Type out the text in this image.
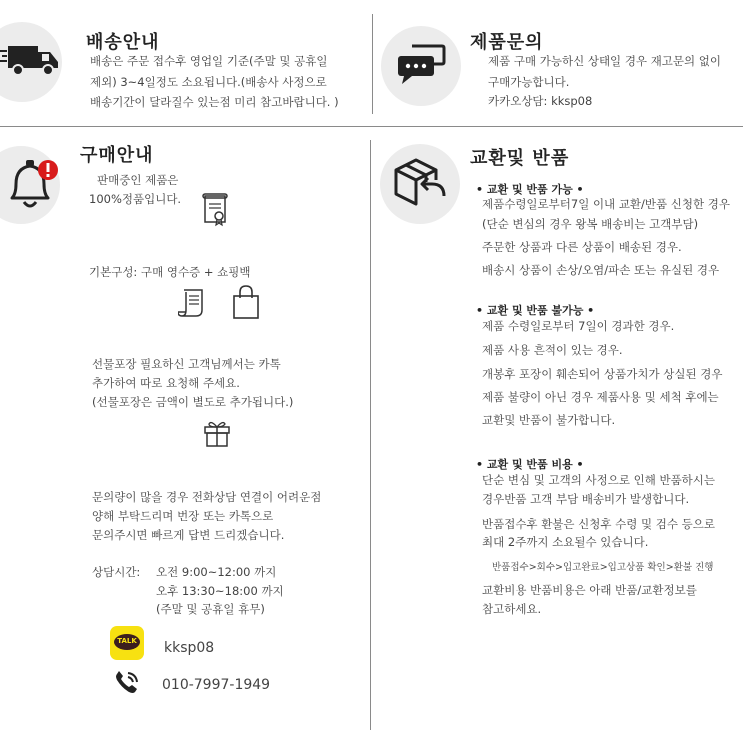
배송안내
배송은 주문 접수후 영업일 기준(주말 및 공휴일
제외) 3~4일정도 소요됩니다.(배송사 사정으로
배송기간이 달라질수 있는점 미리 참고바랍니다. )
제품문의
제품 구매 가능하신 상태일 경우 재고문의 없이
구매가능합니다.
카카오상담: kksp08
구매안내
판매중인 제품은
100%정품입니다.
기본구성: 구매 영수증 + 쇼핑백
선물포장 필요하신 고객님께서는 카톡
추가하여 따로 요청해 주세요.
(선물포장은 금액이 별도로 추가됩니다.)
문의량이 많을 경우 전화상담 연결이 어려운점
양해 부탁드리며 번장 또는 카톡으로
문의주시면 빠르게 답변 드리겠습니다.
상담시간: 오전 9:00~12:00 까지
오후 13:30~18:00 까지
(주말 및 공휴일 휴무)
TALK	kksp08
010-7997-1949
교환및 반품
• 교환 및 반품 가능 •
제품수령일로부터7일 이내 교환/반품 신청한 경우
(단순 변심의 경우 왕복 배송비는 고객부담)
주문한 상품과 다른 상품이 배송된 경우.
배송시 상품이 손상/오염/파손 또는 유실된 경우
• 교환 및 반품 불가능 •
제품 수령일로부터 7일이 경과한 경우.
제품 사용 흔적이 있는 경우.
개봉후 포장이 훼손되어 상품가치가 상실된 경우
제품 불량이 아닌 경우 제품사용 및 세척 후에는
교환및 반품이 불가합니다.
• 교환 및 반품 비용 •
단순 변심 및 고객의 사정으로 인해 반품하시는
경우반품 고객 부담 배송비가 발생합니다.
반품접수후 환불은 신청후 수령 및 검수 등으로
최대 2주까지 소요될수 있습니다.
반품접수>회수>입고완료>입고상품 확인>환불 진행
교환비용 반품비용은 아래 반품/교환정보를
참고하세요.
